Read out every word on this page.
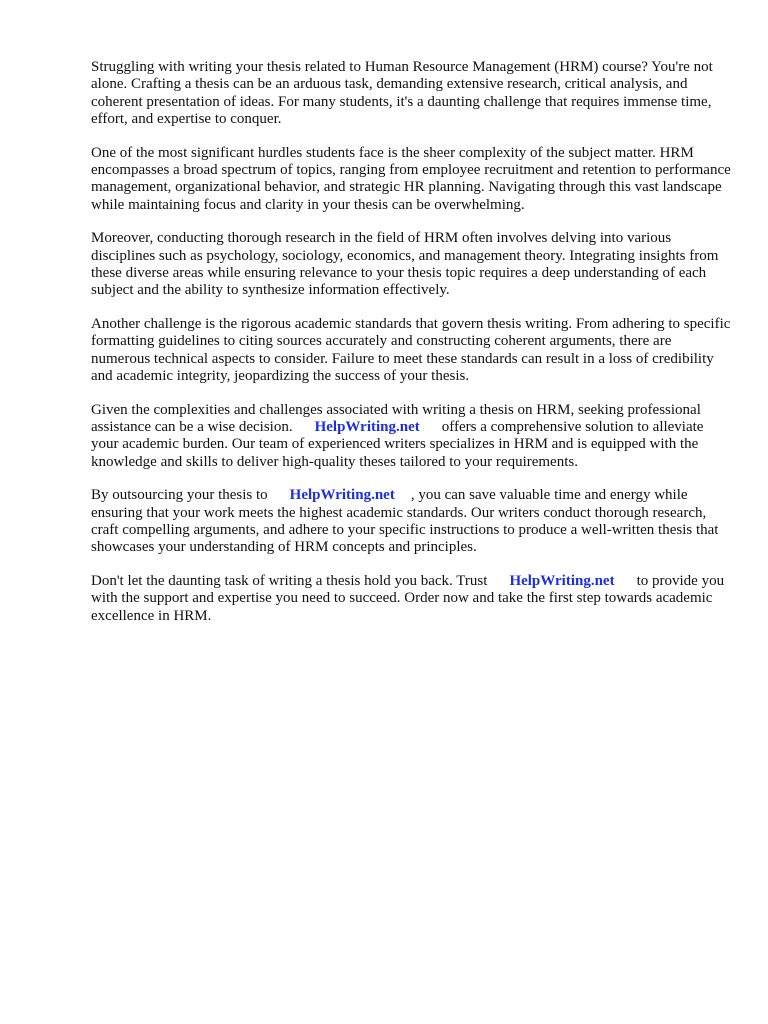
Struggling with writing your thesis related to Human Resource Management (HRM) course? You're not alone. Crafting a thesis can be an arduous task, demanding extensive research, critical analysis, and coherent presentation of ideas. For many students, it's a daunting challenge that requires immense time, effort, and expertise to conquer.

One of the most significant hurdles students face is the sheer complexity of the subject matter. HRM encompasses a broad spectrum of topics, ranging from employee recruitment and retention to performance management, organizational behavior, and strategic HR planning. Navigating through this vast landscape while maintaining focus and clarity in your thesis can be overwhelming.

Moreover, conducting thorough research in the field of HRM often involves delving into various disciplines such as psychology, sociology, economics, and management theory. Integrating insights from these diverse areas while ensuring relevance to your thesis topic requires a deep understanding of each subject and the ability to synthesize information effectively.

Another challenge is the rigorous academic standards that govern thesis writing. From adhering to specific formatting guidelines to citing sources accurately and constructing coherent arguments, there are numerous technical aspects to consider. Failure to meet these standards can result in a loss of credibility and academic integrity, jeopardizing the success of your thesis.

Given the complexities and challenges associated with writing a thesis on HRM, seeking professional assistance can be a wise decision. HelpWriting.net offers a comprehensive solution to alleviate your academic burden. Our team of experienced writers specializes in HRM and is equipped with the knowledge and skills to deliver high-quality theses tailored to your requirements.

By outsourcing your thesis to HelpWriting.net , you can save valuable time and energy while ensuring that your work meets the highest academic standards. Our writers conduct thorough research, craft compelling arguments, and adhere to your specific instructions to produce a well-written thesis that showcases your understanding of HRM concepts and principles.

Don't let the daunting task of writing a thesis hold you back. Trust HelpWriting.net to provide you with the support and expertise you need to succeed. Order now and take the first step towards academic excellence in HRM.
